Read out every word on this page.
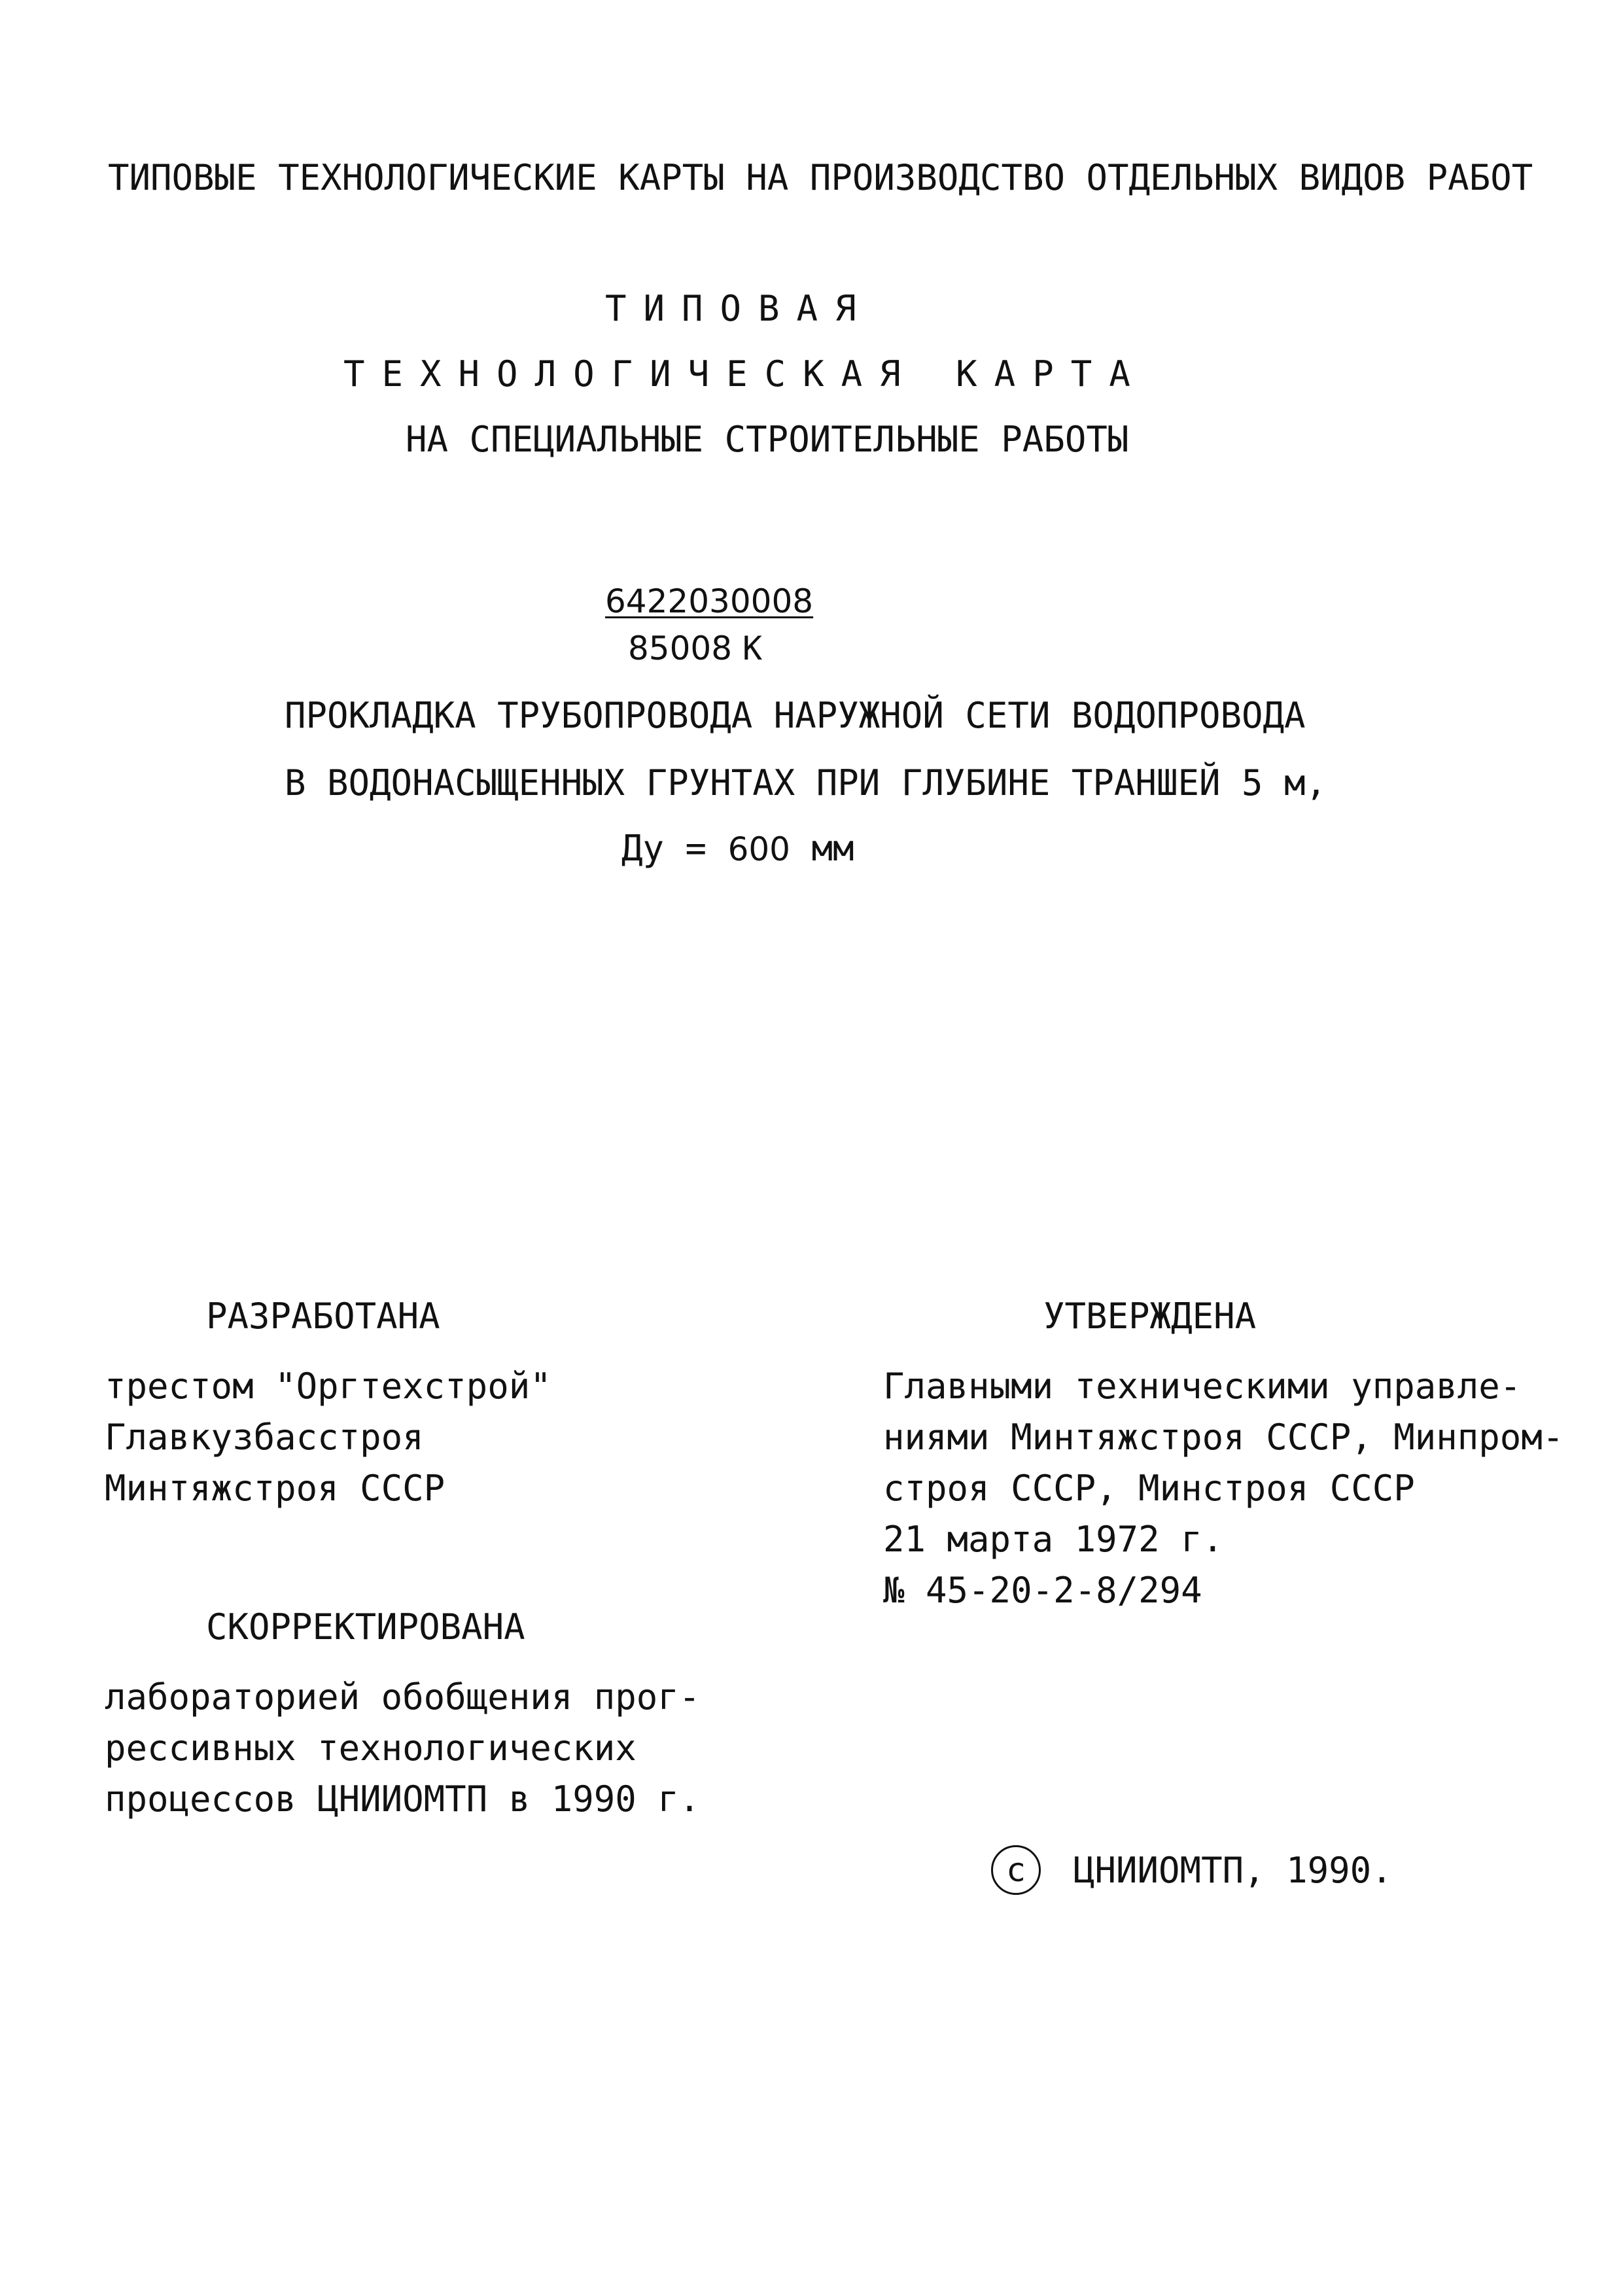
ТИПОВЫЕ ТЕХНОЛОГИЧЕСКИЕ КАРТЫ НА ПРОИЗВОДСТВО ОТДЕЛЬНЫХ ВИДОВ РАБОТ
ТИПОВАЯ
ТЕХНОЛОГИЧЕСКАЯ КАРТА
НА СПЕЦИАЛЬНЫЕ СТРОИТЕЛЬНЫЕ РАБОТЫ
6422030008
85008 К
ПРОКЛАДКА ТРУБОПРОВОДА НАРУЖНОЙ СЕТИ ВОДОПРОВОДА
В ВОДОНАСЫЩЕННЫХ ГРУНТАХ ПРИ ГЛУБИНЕ ТРАНШЕЙ 5 м,
Ду = 600 мм
РАЗРАБОТАНА
трестом "Оргтехстрой"
Главкузбасстроя
Минтяжстроя СССР
СКОРРЕКТИРОВАНА
лабораторией обобщения прог-
рессивных технологических
процессов ЦНИИОМТП в 1990 г.
УТВЕРЖДЕНА
Главными техническими управле-
ниями Минтяжстроя СССР, Минпром-
строя СССР, Минстроя СССР
21 марта 1972 г.
№ 45-20-2-8/294
c	ЦНИИОМТП, 1990.
